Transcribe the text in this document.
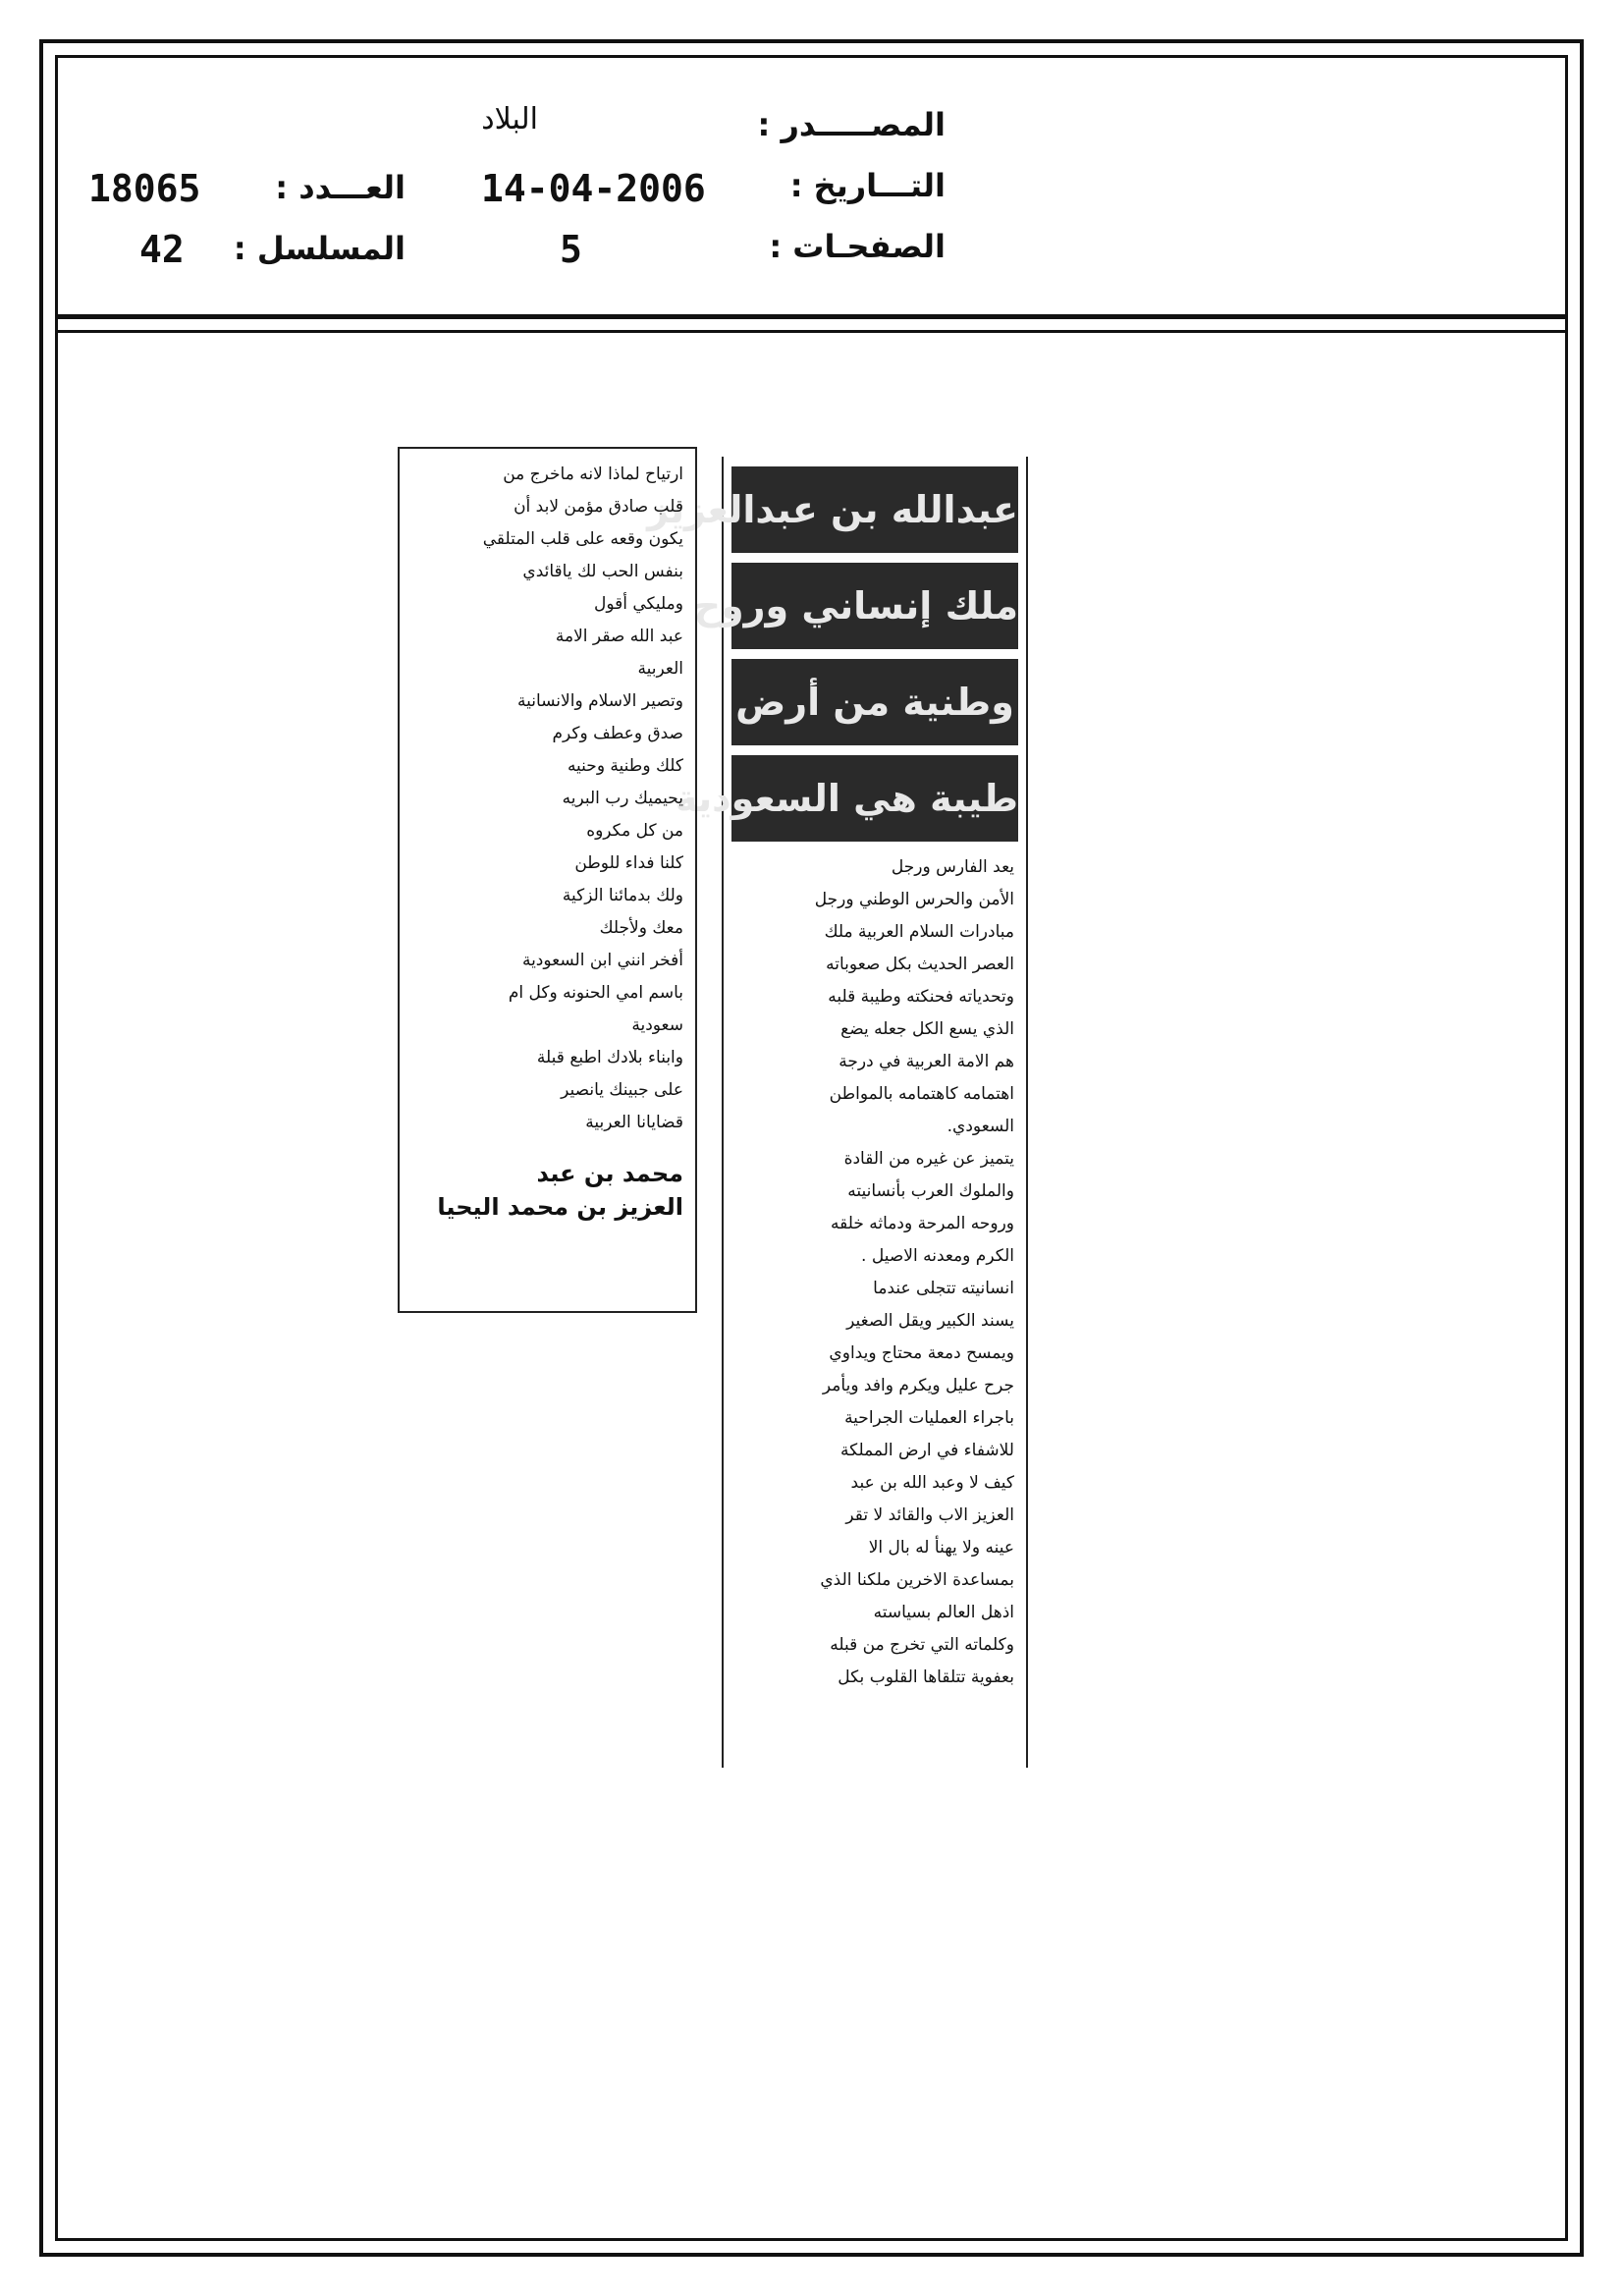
المصـــــدر :
البلاد
التـــاريخ :
14-04-2006
العـــدد :
18065
الصفحـات :
5
المسلسل :
42
عبدالله بن عبدالعزيز
ملك إنساني وروح
وطنية من أرض
طيبة هي السعودية

يعد الفارس ورجل

الأمن والحرس الوطني ورجل

مبادرات السلام العربية ملك

العصر الحديث بكل صعوباته

وتحدياته فحنكته وطيبة قلبه

الذي يسع الكل جعله يضع

هم الامة العربية في درجة

اهتمامه كاهتمامه بالمواطن

السعودي.

يتميز عن غيره من القادة

والملوك العرب بأنسانيته

وروحه المرحة ودماثه خلقه

الكرم ومعدنه الاصيل .

انسانيته تتجلى عندما

يسند الكبير ويقل الصغير

ويمسح دمعة محتاج ويداوي

جرح عليل ويكرم وافد ويأمر

باجراء العمليات الجراحية

للاشفاء في ارض المملكة

كيف لا وعبد الله بن عبد

العزيز الاب والقائد لا تقر

عينه ولا يهنأ له بال الا

بمساعدة الاخرين ملكنا الذي

اذهل العالم بسياسته

وكلماته التي تخرج من قبله

بعفوية تتلقاها القلوب بكل

ارتياح لماذا لانه ماخرج من

قلب صادق مؤمن لابد أن

يكون وقعه على قلب المتلقي

بنفس الحب لك ياقائدي

ومليكي أقول

عبد الله صقر الامة

العربية

وتصير الاسلام والانسانية

صدق وعطف وكرم

كلك وطنية وحنيه

يحيميك رب البريه

من كل مكروه

كلنا فداء للوطن

ولك بدمائنا الزكية

معك ولأجلك

أفخر انني ابن السعودية

باسم امي الحنونه وكل ام

سعودية

وابناء بلادك اطبع قبلة

على جبينك يانصير

قضايانا العربية

محمد بن عبد
العزيز بن محمد اليحيا
